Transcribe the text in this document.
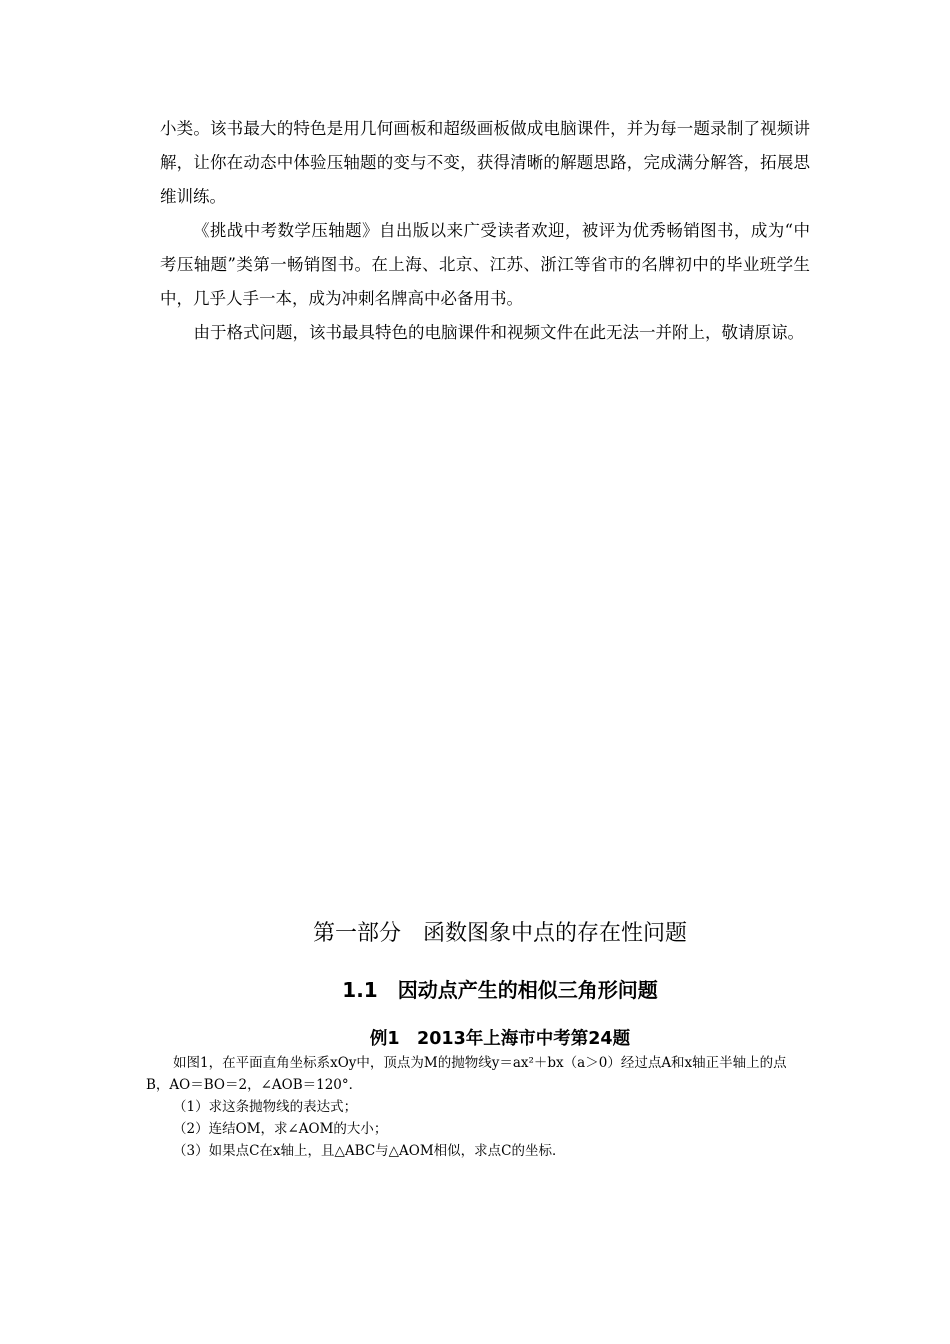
小类。该书最大的特色是用几何画板和超级画板做成电脑课件，并为每一题录制了视频讲解，让你在动态中体验压轴题的变与不变，获得清晰的解题思路，完成满分解答，拓展思维训练。

《挑战中考数学压轴题》自出版以来广受读者欢迎，被评为优秀畅销图书，成为“中考压轴题”类第一畅销图书。在上海、北京、江苏、浙江等省市的名牌初中的毕业班学生中，几乎人手一本，成为冲刺名牌高中必备用书。

由于格式问题，该书最具特色的电脑课件和视频文件在此无法一并附上，敬请原谅。

第一部分　函数图象中点的存在性问题
1.1　因动点产生的相似三角形问题
例1　2013年上海市中考第24题

如图1，在平面直角坐标系xOy中，顶点为M的抛物线y＝ax²＋bx（a＞0）经过点A和x轴正半轴上的点B，AO＝BO＝2，∠AOB＝120°．

（1）求这条抛物线的表达式；

（2）连结OM，求∠AOM的大小；

（3）如果点C在x轴上，且△ABC与△AOM相似，求点C的坐标．
